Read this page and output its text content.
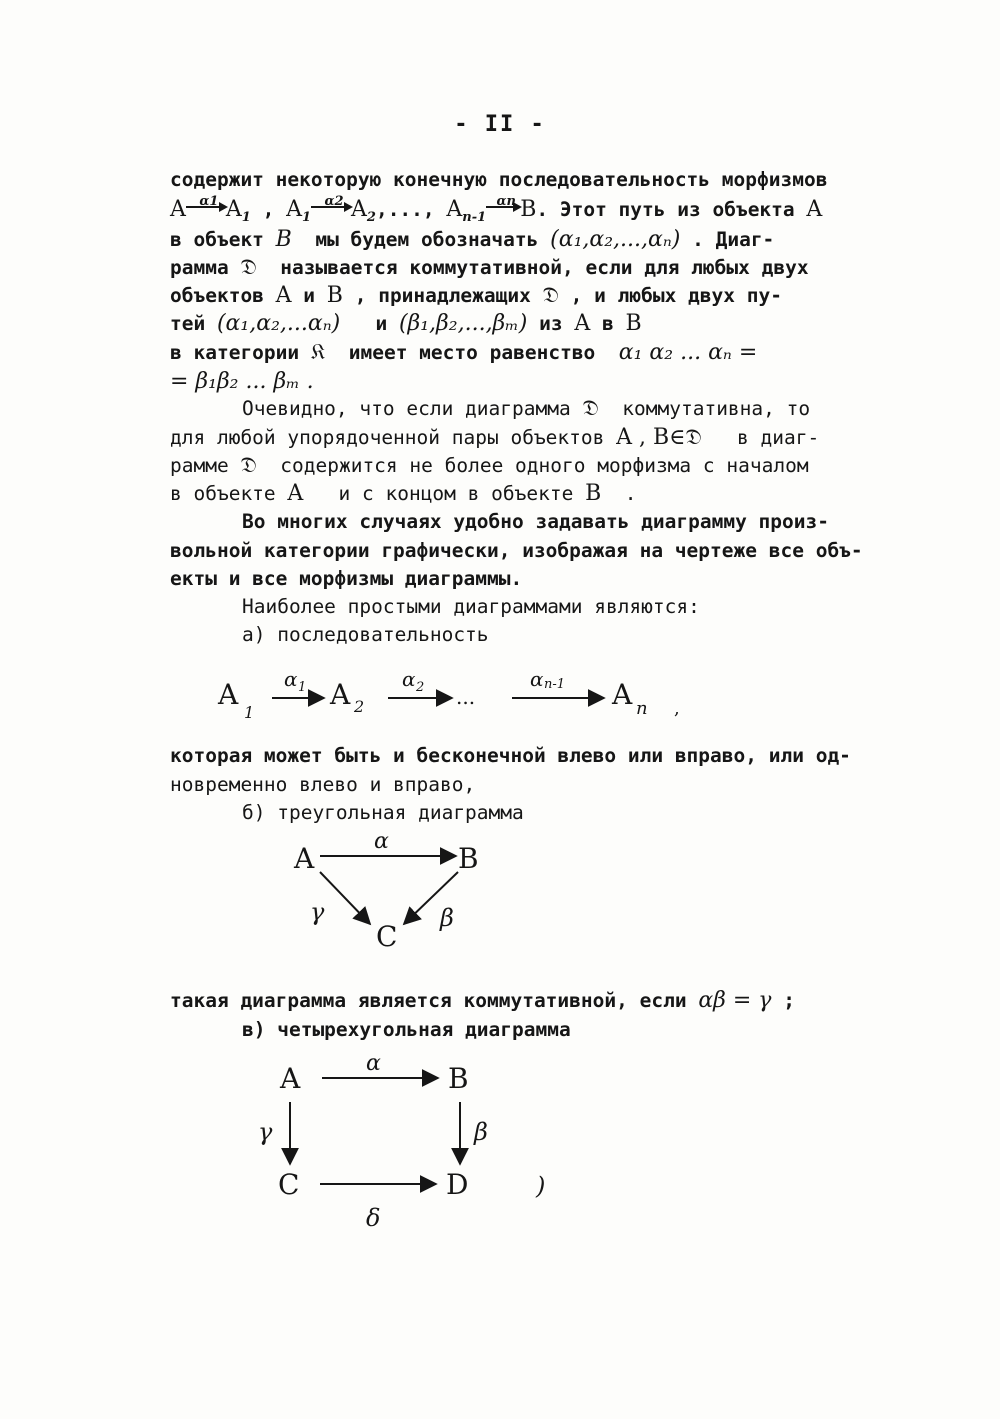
- II -
содержит некоторую конечную последовательность морфизмов
A	α1 $A_1$ , $A_1$
α2 $A_2$,..., $A_{n-1}$
αn B. Этот путь из объекта A
в объект B  мы будем обозначать (α₁,α₂,...,αₙ) . Диаг-
рамма 𝔇  называется коммутативной, если для любых двух
объектов A и B , принадлежащих 𝔇 , и любых двух пу-
тей (α₁,α₂,...αₙ)   и (β₁,β₂,...,βₘ) из A в B
в категории 𝔎  имеет место равенство  α₁ α₂ ... αₙ =
= β₁β₂ ... βₘ .
Очевидно, что если диаграмма 𝔇  коммутативна, то
для любой упорядоченной пары объектов A , B∈𝔇   в диаг-
рамме 𝔇  содержится не более одного морфизма с началом
в объекте A   и с концом в объекте B  .
Во многих случаях удобно задавать диаграмму произ-
вольной категории графически, изображая на чертеже все объ-
екты и все морфизмы диаграммы.
Наиболее простыми диаграммами являются:
а) последовательность
A
1
α 1 A 2
α 2 ...
α n-1 A n ,
которая может быть и бесконечной влево или вправо, или од-
новременно влево и вправо,
б) треугольная диаграмма
A	B
C
α
γ	β
такая диаграмма является коммутативной, если αβ = γ ;
в) четырехугольная диаграмма
A	B
C	D
α
γ	β
δ
)
